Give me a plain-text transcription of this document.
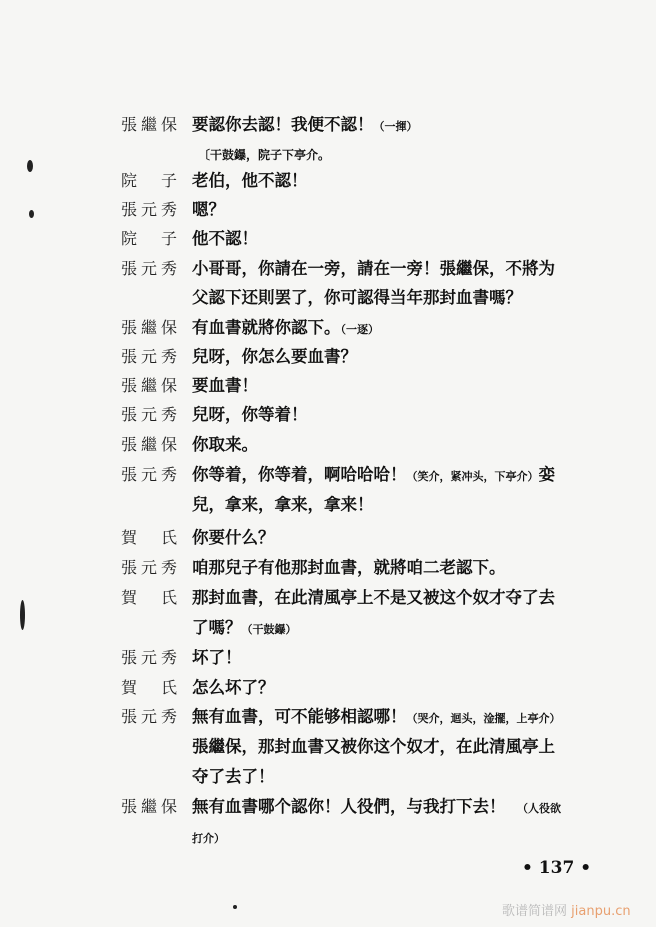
張繼保 要認你去認！我便不認！（一揮）
〔干鼓鑤，院子下亭介。
院子 老伯，他不認！
張元秀 嗯？
院子 他不認！
張元秀 小哥哥，你請在一旁，請在一旁！張繼保，不將为
父認下还則罢了，你可認得当年那封血書嗎？
張繼保 有血書就將你認下。（一逐）
張元秀 兒呀，你怎么要血書？
張繼保 要血書！
張元秀 兒呀，你等着！
張繼保 你取来。
張元秀 你等着，你等着，啊哈哈哈！（笑介，紧冲头，下亭介）娈
兒，拿来，拿来，拿来！
賀氏 你要什么？
張元秀 咱那兒子有他那封血書，就將咱二老認下。
賀氏 那封血書，在此清風亭上不是又被这个奴才夺了去
了嗎？（干鼓鑤）
張元秀 坏了！
賀氏 怎么坏了？
張元秀 無有血書，可不能够相認哪！（哭介，迴头，淦擺，上亭介）
張繼保，那封血書又被你这个奴才，在此清風亭上
夺了去了！
張繼保 無有血書哪个認你！人役們，与我打下去！ （人役欲
打介）
• 137 •
歌谱简谱网 jianpu.cn
